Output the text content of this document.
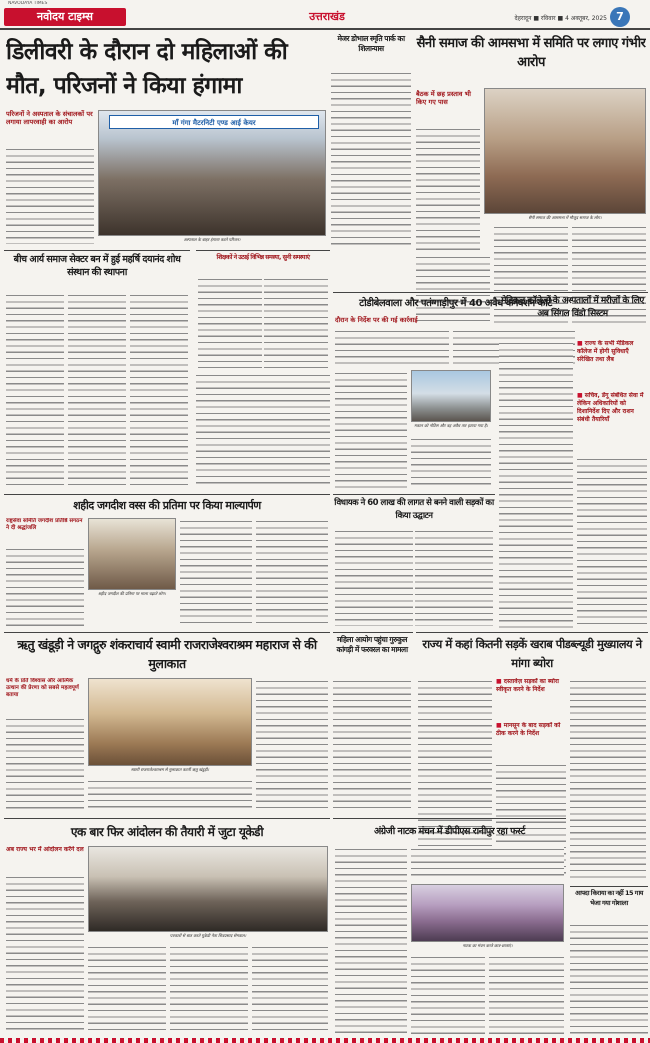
नवोदय टाइम्स
NAVODAYA TIMES
उत्तराखंड	देहरादून ■ रविवार ■ 4 अक्तूबर, 2025 7
डिलीवरी के दौरान दो महिलाओं की मौत, परिजनों ने किया हंगामा
परिजनों ने अस्पताल के संचालकों पर लगाया लापरवाही का आरोप	माँ गंगा मैटरनिटी एण्ड आई केयर
अस्पताल के बाहर हंगामा करते परिजन।
मेजर डोभाल स्मृति पार्क का शिलान्यास	सैनी समाज की आमसभा में समिति पर लगाए गंभीर आरोप
बैठक में छह प्रस्ताव भी किए गए पास
सैनी समाज की आमसभा में मौजूद समाज के लोग।
बीच आर्य समाज सेक्टर बन में हुई महर्षि दयानंद शोध संस्थान की स्थापना
शिक्षकों ने उठाई विभिन्न समस्या, सुनी समस्याएं
टोडीबेलवाला और पतंग्गाड़ीपुर में 40 अवैध कनेक्शन काटे
दौरान के निर्देश पर की गई कार्रवाई
मकान को नोटिस और वह अवैध तार हटाया गया है।
मेडिकल कॉलेजों के अस्पतालों में मरीज़ों के लिए अब सिंगल विंडो सिस्टम
■ राज्य के सभी मेडिकल कॉलेज में होगी सुविधाएँ संरेखित तथा लैब
■ सचिव, डेंगू संबंधित सेवा में लेकिन अधिकारियों को दिशानिर्देश दिए और राशन संबंधी तैयारियाँ
शहीद जगदीश वस्स की प्रतिमा पर किया माल्यार्पण
राष्ट्रसेवा समिति जगदीश प्रतिष्ठि संगठन ने दी श्रद्धांजलि
शहीद जगदीश की प्रतिमा पर माला चढ़ाते लोग।
विधायक ने 60 लाख की लागत से बनने वाली सड़कों का किया उद्घाटन
ऋतु खंडूड़ी ने जगद्गुरु शंकराचार्य स्वामी राजराजेश्वराश्रम महाराज से की मुलाकात
धर्म के प्रति विश्वास और आत्मिक उत्थान की प्रेरणा को सबसे महत्वपूर्ण बताया
स्वामी राजराजेश्वराश्रम से मुलाकात करतीं ऋतु खंडूड़ी।
महिला आयोग पहुंचा गुरुकुल कांगड़ी में फरवरल का मामला	राज्य में कहां कितनी सड़कें खराब पीडब्ल्यूडी मुख्यालय ने मांगा ब्योरा
■ दस्तावेज़ सड़कों का ब्योरा स्वीकृत करने के निर्देश
■ मानसून के बाद सड़कों को ठीक करने के निर्देश
आपदा किराया का नहीं 15 गाय भेजा गया गोशाला
एक बार फिर आंदोलन की तैयारी में जुटा यूकेडी
अब राज्य भर में आंदोलन करेंगे दल
पत्रकारों से बात करते यूकेडी नेता शिवप्रसाद सेमवाल।
अंग्रेजी नाटक मंचन में डीपीएस रानीपुर रहा फर्स्ट
नाटक का मंचन करते छात्र-छात्राएं।
